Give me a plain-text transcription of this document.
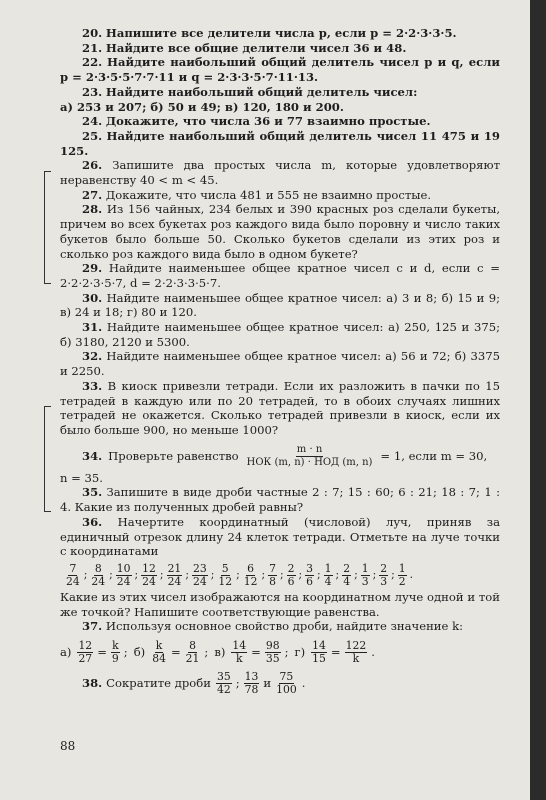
20. Напишите все делители числа p, если p = 2·2·3·3·5.

21. Найдите все общие делители чисел 36 и 48.

22. Найдите наибольший общий делитель чисел p и q, если p = 2·3·5·5·7·7·11 и q = 2·3·3·5·7·11·13.

23. Найдите наибольший общий делитель чисел:
а) 253 и 207; б) 50 и 49; в) 120, 180 и 200.

24. Докажите, что числа 36 и 77 взаимно простые.

25. Найдите наибольший общий делитель чисел 11 475 и 19 125.

26. Запишите два простых числа m, которые удовлетворяют неравенству 40 < m < 45.

27. Докажите, что числа 481 и 555 не взаимно простые.

28. Из 156 чайных, 234 белых и 390 красных роз сделали букеты, причем во всех букетах роз каждого вида было поровну и число таких букетов было больше 50. Сколько букетов сделали из этих роз и сколько роз каждого вида было в одном букете?

29. Найдите наименьшее общее кратное чисел c и d, если c = 2·2·2·3·5·7, d = 2·2·3·3·5·7.

30. Найдите наименьшее общее кратное чисел: а) 3 и 8; б) 15 и 9; в) 24 и 18; г) 80 и 120.

31. Найдите наименьшее общее кратное чисел: а) 250, 125 и 375; б) 3180, 2120 и 5300.

32. Найдите наименьшее общее кратное чисел: а) 56 и 72; б) 3375 и 2250.

33. В киоск привезли тетради. Если их разложить в пачки по 15 тетрадей в каждую или по 20 тетрадей, то в обоих случаях лишних тетрадей не окажется. Сколько тетрадей привезли в киоск, если их было больше 900, но меньше 1000?

34. Проверьте равенство $\frac{m \cdot n}{\text{НОК (m, n) · НОД (m, n)}} = 1$, если m = 30,

n = 35.

35. Запишите в виде дроби частные 2 : 7; 15 : 60; 6 : 21; 18 : 7; 1 : 4. Какие из полученных дробей равны?

36. Начертите координатный (числовой) луч, приняв за единичный отрезок длину 24 клеток тетради. Отметьте на луче точки с координатами

$\frac{7}{24}$ ; $\frac{8}{24}$ ; $\frac{10}{24}$ ; $\frac{12}{24}$ ; $\frac{21}{24}$ ; $\frac{23}{24}$ ; $\frac{5}{12}$ ; $\frac{6}{12}$ ; $\frac{7}{8}$ ; $\frac{2}{6}$ ; $\frac{3}{6}$ ; $\frac{1}{4}$ ; $\frac{2}{4}$ ; $\frac{1}{3}$ ; $\frac{2}{3}$ ; $\frac{1}{2}$ .

Какие из этих чисел изображаются на координатном луче одной и той же точкой? Напишите соответствующие равенства.

37. Используя основное свойство дроби, найдите значение k:

$а) \frac{12}{27} = \frac{k}{9}$ ; $б) \frac{k}{84} = \frac{8}{21}$ ; $в) \frac{14}{k} = \frac{98}{35}$ ; $г) \frac{14}{15} = \frac{122}{k}$ .
38. Сократите дроби $\frac{35}{42}$ ; $\frac{13}{78}$ и $\frac{75}{100}$ .
88
